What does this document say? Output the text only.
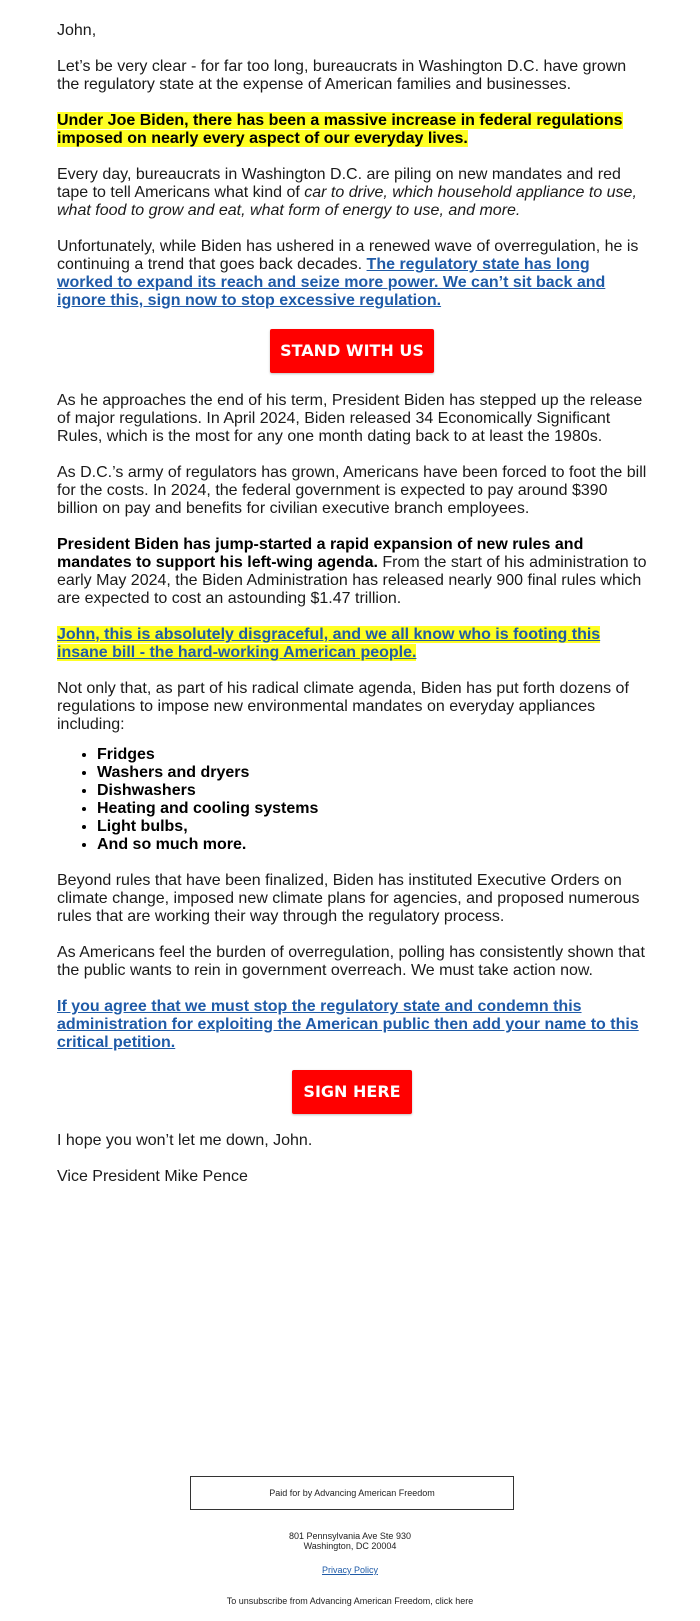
John,

Let’s be very clear - for far too long, bureaucrats in Washington D.C. have grown the regulatory state at the expense of American families and businesses.

Under Joe Biden, there has been a massive increase in federal regulations imposed on nearly every aspect of our everyday lives.

Every day, bureaucrats in Washington D.C. are piling on new mandates and red tape to tell Americans what kind of car to drive, which household appliance to use, what food to grow and eat, what form of energy to use, and more.

Unfortunately, while Biden has ushered in a renewed wave of overregulation, he is continuing a trend that goes back decades. The regulatory state has long worked to expand its reach and seize more power. We can’t sit back and ignore this, sign now to stop excessive regulation.

STAND WITH US

As he approaches the end of his term, President Biden has stepped up the release of major regulations. In April 2024, Biden released 34 Economically Significant Rules, which is the most for any one month dating back to at least the 1980s.

As D.C.’s army of regulators has grown, Americans have been forced to foot the bill for the costs. In 2024, the federal government is expected to pay around $390 billion on pay and benefits for civilian executive branch employees.

President Biden has jump-started a rapid expansion of new rules and mandates to support his left-wing agenda. From the start of his administration to early May 2024, the Biden Administration has released nearly 900 final rules which are expected to cost an astounding $1.47 trillion.

John, this is absolutely disgraceful, and we all know who is footing this insane bill - the hard-working American people.

Not only that, as part of his radical climate agenda, Biden has put forth dozens of regulations to impose new environmental mandates on everyday appliances including:

• Fridges
• Washers and dryers
• Dishwashers
• Heating and cooling systems
• Light bulbs,
• And so much more.

Beyond rules that have been finalized, Biden has instituted Executive Orders on climate change, imposed new climate plans for agencies, and proposed numerous rules that are working their way through the regulatory process.

As Americans feel the burden of overregulation, polling has consistently shown that the public wants to rein in government overreach. We must take action now.

If you agree that we must stop the regulatory state and condemn this administration for exploiting the American public then add your name to this critical petition.

SIGN HERE

I hope you won’t let me down, John.

Vice President Mike Pence

Paid for by Advancing American Freedom
801 Pennsylvania Ave Ste 930
Washington, DC 20004
Privacy Policy
To unsubscribe from Advancing American Freedom, click here
